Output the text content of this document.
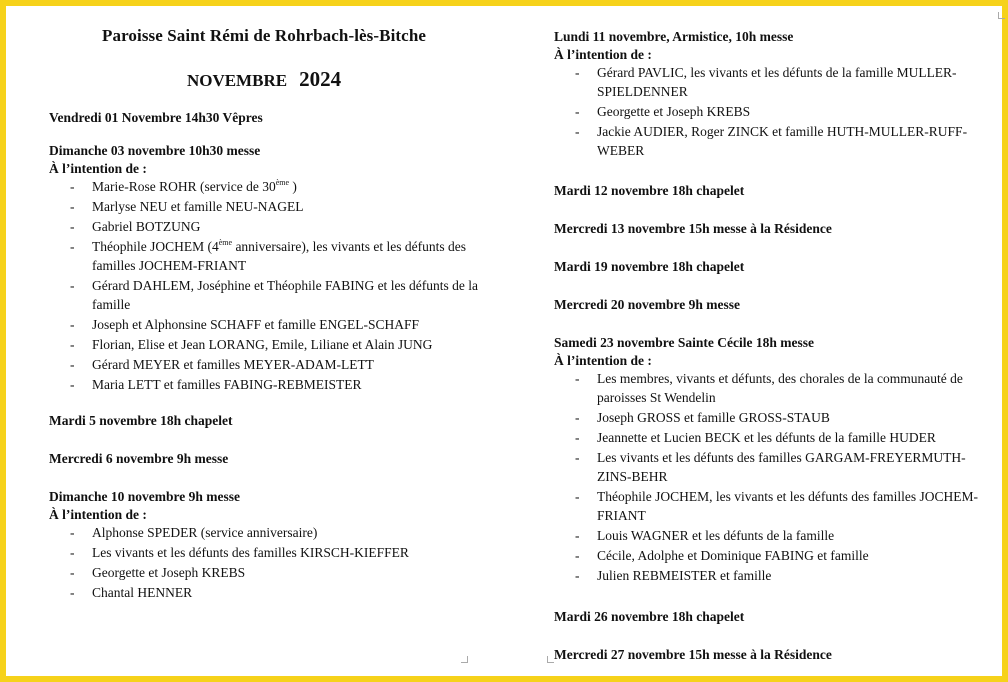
Paroisse Saint Rémi de Rohrbach-lès-Bitche
NOVEMBRE 2024
Vendredi 01 Novembre 14h30 Vêpres
Dimanche 03 novembre 10h30 messe
À l’intention de :
- Marie-Rose ROHR (service de 30ème )
- Marlyse NEU et famille NEU-NAGEL
- Gabriel BOTZUNG
- Théophile JOCHEM (4ème anniversaire), les vivants et les défunts des familles JOCHEM-FRIANT
- Gérard DAHLEM, Joséphine et Théophile FABING et les défunts de la famille
- Joseph et Alphonsine SCHAFF et famille ENGEL-SCHAFF
- Florian, Elise et Jean LORANG, Emile, Liliane et Alain JUNG
- Gérard MEYER et familles MEYER-ADAM-LETT
- Maria LETT et familles FABING-REBMEISTER
Mardi 5 novembre 18h chapelet
Mercredi 6 novembre 9h messe
Dimanche 10 novembre 9h messe
À l’intention de :
- Alphonse SPEDER (service anniversaire)
- Les vivants et les défunts des familles KIRSCH-KIEFFER
- Georgette et Joseph KREBS
- Chantal HENNER
Lundi 11 novembre, Armistice, 10h messe
À l’intention de :
- Gérard PAVLIC, les vivants et les défunts de la famille MULLER-SPIELDENNER
- Georgette et Joseph KREBS
- Jackie AUDIER, Roger ZINCK et famille HUTH-MULLER-RUFF-WEBER
Mardi 12 novembre 18h chapelet
Mercredi 13 novembre 15h messe à la Résidence
Mardi 19 novembre 18h chapelet
Mercredi 20 novembre 9h messe
Samedi 23 novembre Sainte Cécile 18h messe
À l’intention de :
- Les membres, vivants et défunts, des chorales de la communauté de paroisses St Wendelin
- Joseph GROSS et famille GROSS-STAUB
- Jeannette et Lucien BECK et les défunts de la famille HUDER
- Les vivants et les défunts des familles GARGAM-FREYERMUTH-ZINS-BEHR
- Théophile JOCHEM, les vivants et les défunts des familles JOCHEM-FRIANT
- Louis WAGNER et les défunts de la famille
- Cécile, Adolphe et Dominique FABING et famille
- Julien REBMEISTER et famille
Mardi 26 novembre 18h chapelet
Mercredi 27 novembre 15h messe à la Résidence
